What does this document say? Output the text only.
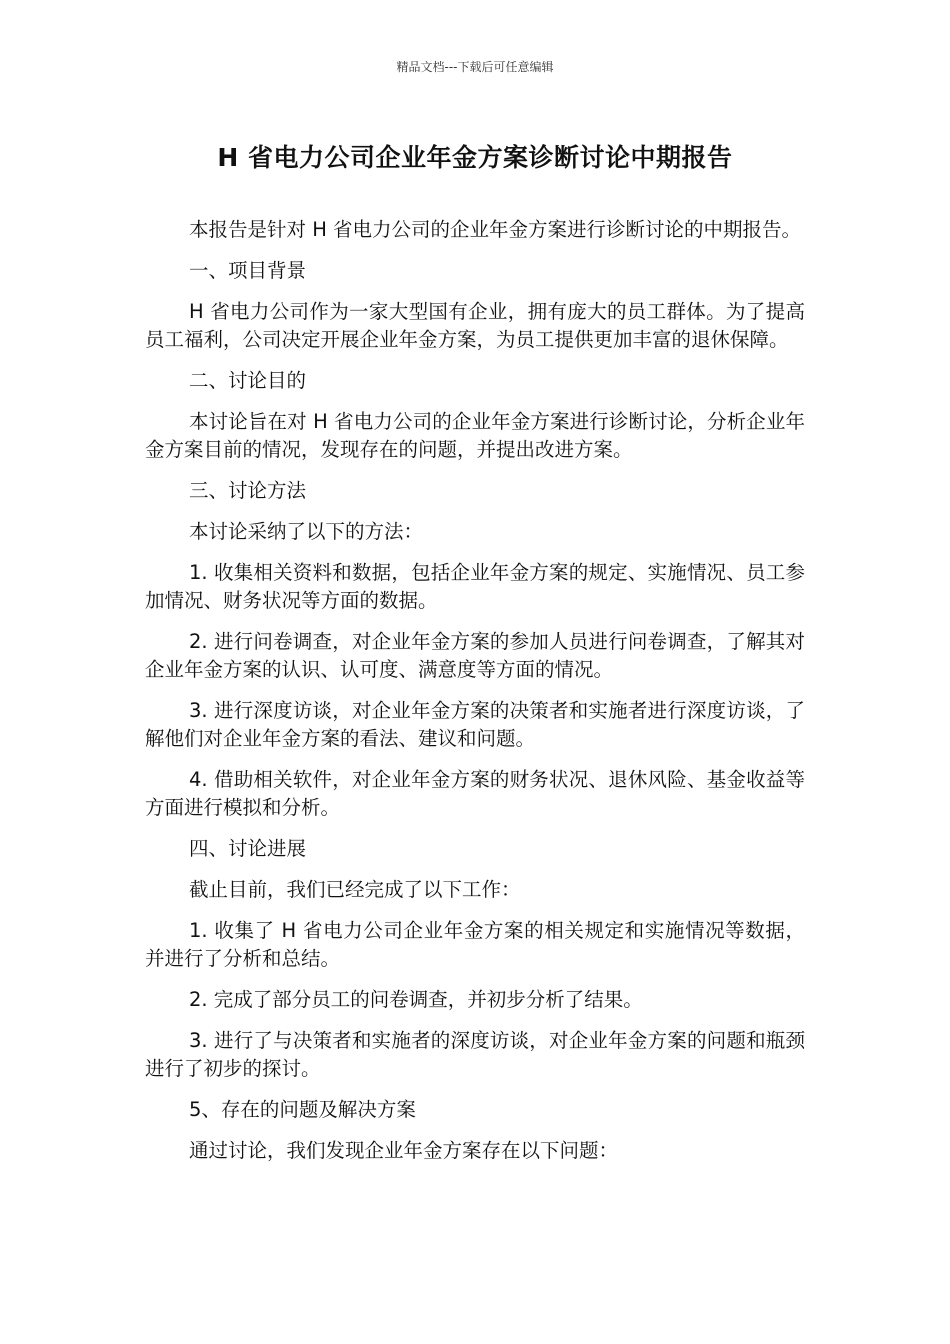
精品文档---下载后可任意编辑
H 省电力公司企业年金方案诊断讨论中期报告

本报告是针对 H 省电力公司的企业年金方案进行诊断讨论的中期报告。

一、项目背景

H 省电力公司作为一家大型国有企业，拥有庞大的员工群体。为了提高员工福利，公司决定开展企业年金方案，为员工提供更加丰富的退休保障。

二、讨论目的

本讨论旨在对 H 省电力公司的企业年金方案进行诊断讨论，分析企业年金方案目前的情况，发现存在的问题，并提出改进方案。

三、讨论方法

本讨论采纳了以下的方法：

1. 收集相关资料和数据，包括企业年金方案的规定、实施情况、员工参加情况、财务状况等方面的数据。

2. 进行问卷调查，对企业年金方案的参加人员进行问卷调查，了解其对企业年金方案的认识、认可度、满意度等方面的情况。

3. 进行深度访谈，对企业年金方案的决策者和实施者进行深度访谈，了解他们对企业年金方案的看法、建议和问题。

4. 借助相关软件，对企业年金方案的财务状况、退休风险、基金收益等方面进行模拟和分析。

四、讨论进展

截止目前，我们已经完成了以下工作：

1. 收集了 H 省电力公司企业年金方案的相关规定和实施情况等数据，并进行了分析和总结。

2. 完成了部分员工的问卷调查，并初步分析了结果。

3. 进行了与决策者和实施者的深度访谈，对企业年金方案的问题和瓶颈进行了初步的探讨。

5、存在的问题及解决方案

通过讨论，我们发现企业年金方案存在以下问题：
